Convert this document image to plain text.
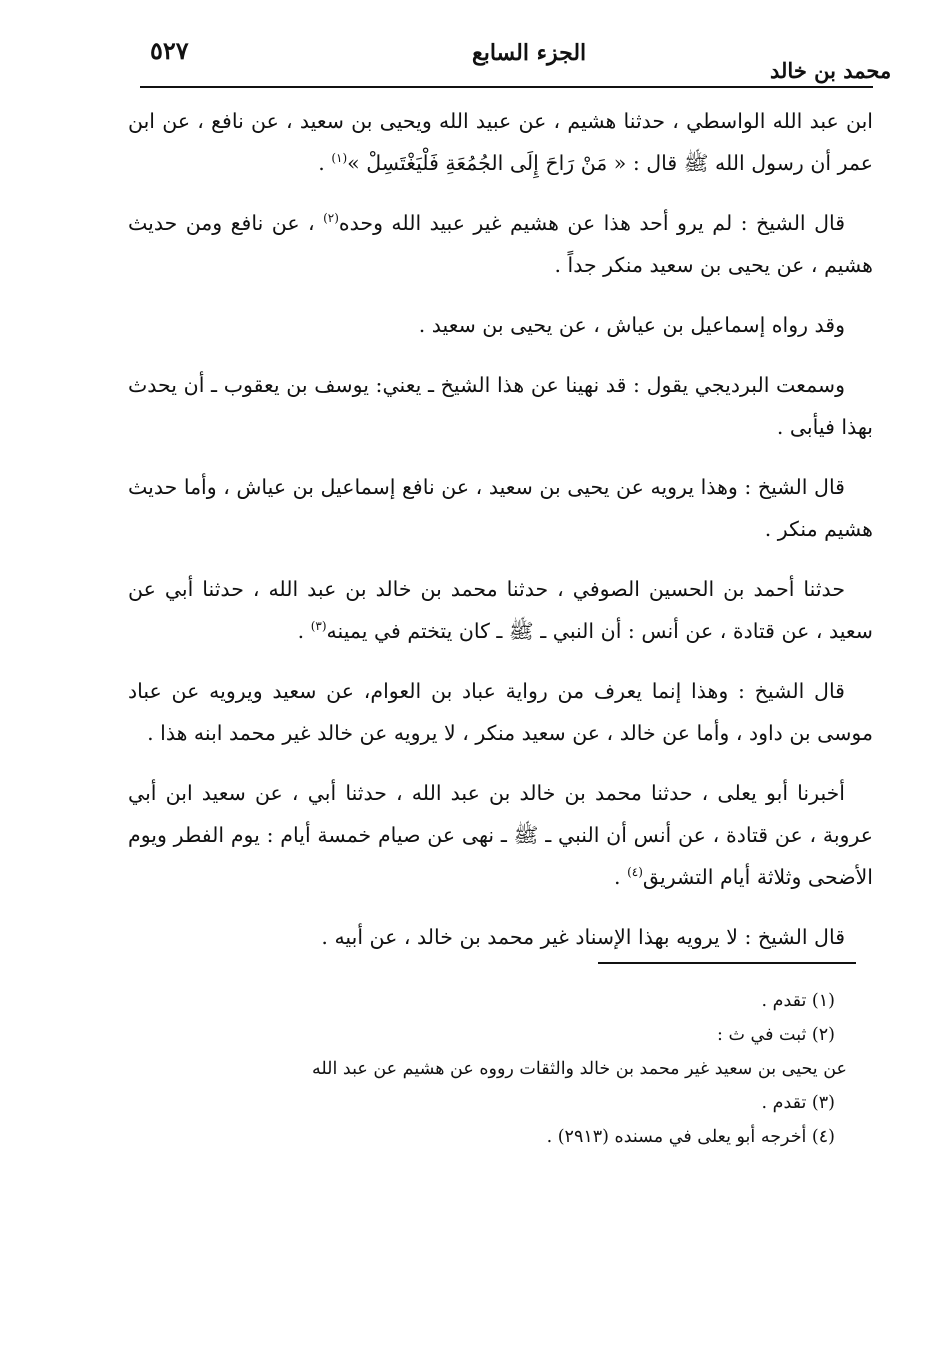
٥٢٧	الجزء السابع
محمد بن خالد

ابن عبد الله الواسطي ، حدثنا هشيم ، عن عبيد الله ويحيى بن سعيد ، عن نافع ، عن ابن عمر أن رسول الله ﷺ قال : « مَنْ رَاحَ إِلَى الجُمُعَةِ فَلْيَغْتَسِلْ »$^{(١)}$ .

قال الشيخ : لم يرو أحد هذا عن هشيم غير عبيد الله وحده$^{(٢)}$ ، عن نافع ومن حديث هشيم ، عن يحيى بن سعيد منكر جداً .

وقد رواه إسماعيل بن عياش ، عن يحيى بن سعيد .

وسمعت البرديجي يقول : قد نهينا عن هذا الشيخ ـ يعني: يوسف بن يعقوب ـ أن يحدث بهذا فيأبى .

قال الشيخ : وهذا يرويه عن يحيى بن سعيد ، عن نافع إسماعيل بن عياش ، وأما حديث هشيم منكر .

حدثنا أحمد بن الحسين الصوفي ، حدثنا محمد بن خالد بن عبد الله ، حدثنا أبي عن سعيد ، عن قتادة ، عن أنس : أن النبي ـ ﷺ ـ كان يتختم في يمينه$^{(٣)}$ .

قال الشيخ : وهذا إنما يعرف من رواية عباد بن العوام، عن سعيد ويرويه عن عباد موسى بن داود ، وأما عن خالد ، عن سعيد منكر ، لا يرويه عن خالد غير محمد ابنه هذا .

أخبرنا أبو يعلى ، حدثنا محمد بن خالد بن عبد الله ، حدثنا أبي ، عن سعيد ابن أبي عروبة ، عن قتادة ، عن أنس أن النبي ـ ﷺ ـ نهى عن صيام خمسة أيام : يوم الفطر ويوم الأضحى وثلاثة أيام التشريق$^{(٤)}$ .

قال الشيخ : لا يرويه بهذا الإسناد غير محمد بن خالد ، عن أبيه .

(١) تقدم .

(٢) ثبت في ث :

عن يحيى بن سعيد غير محمد بن خالد والثقات رووه عن هشيم عن عبد الله

(٣) تقدم .

(٤) أخرجه أبو يعلى في مسنده (٢٩١٣) .
